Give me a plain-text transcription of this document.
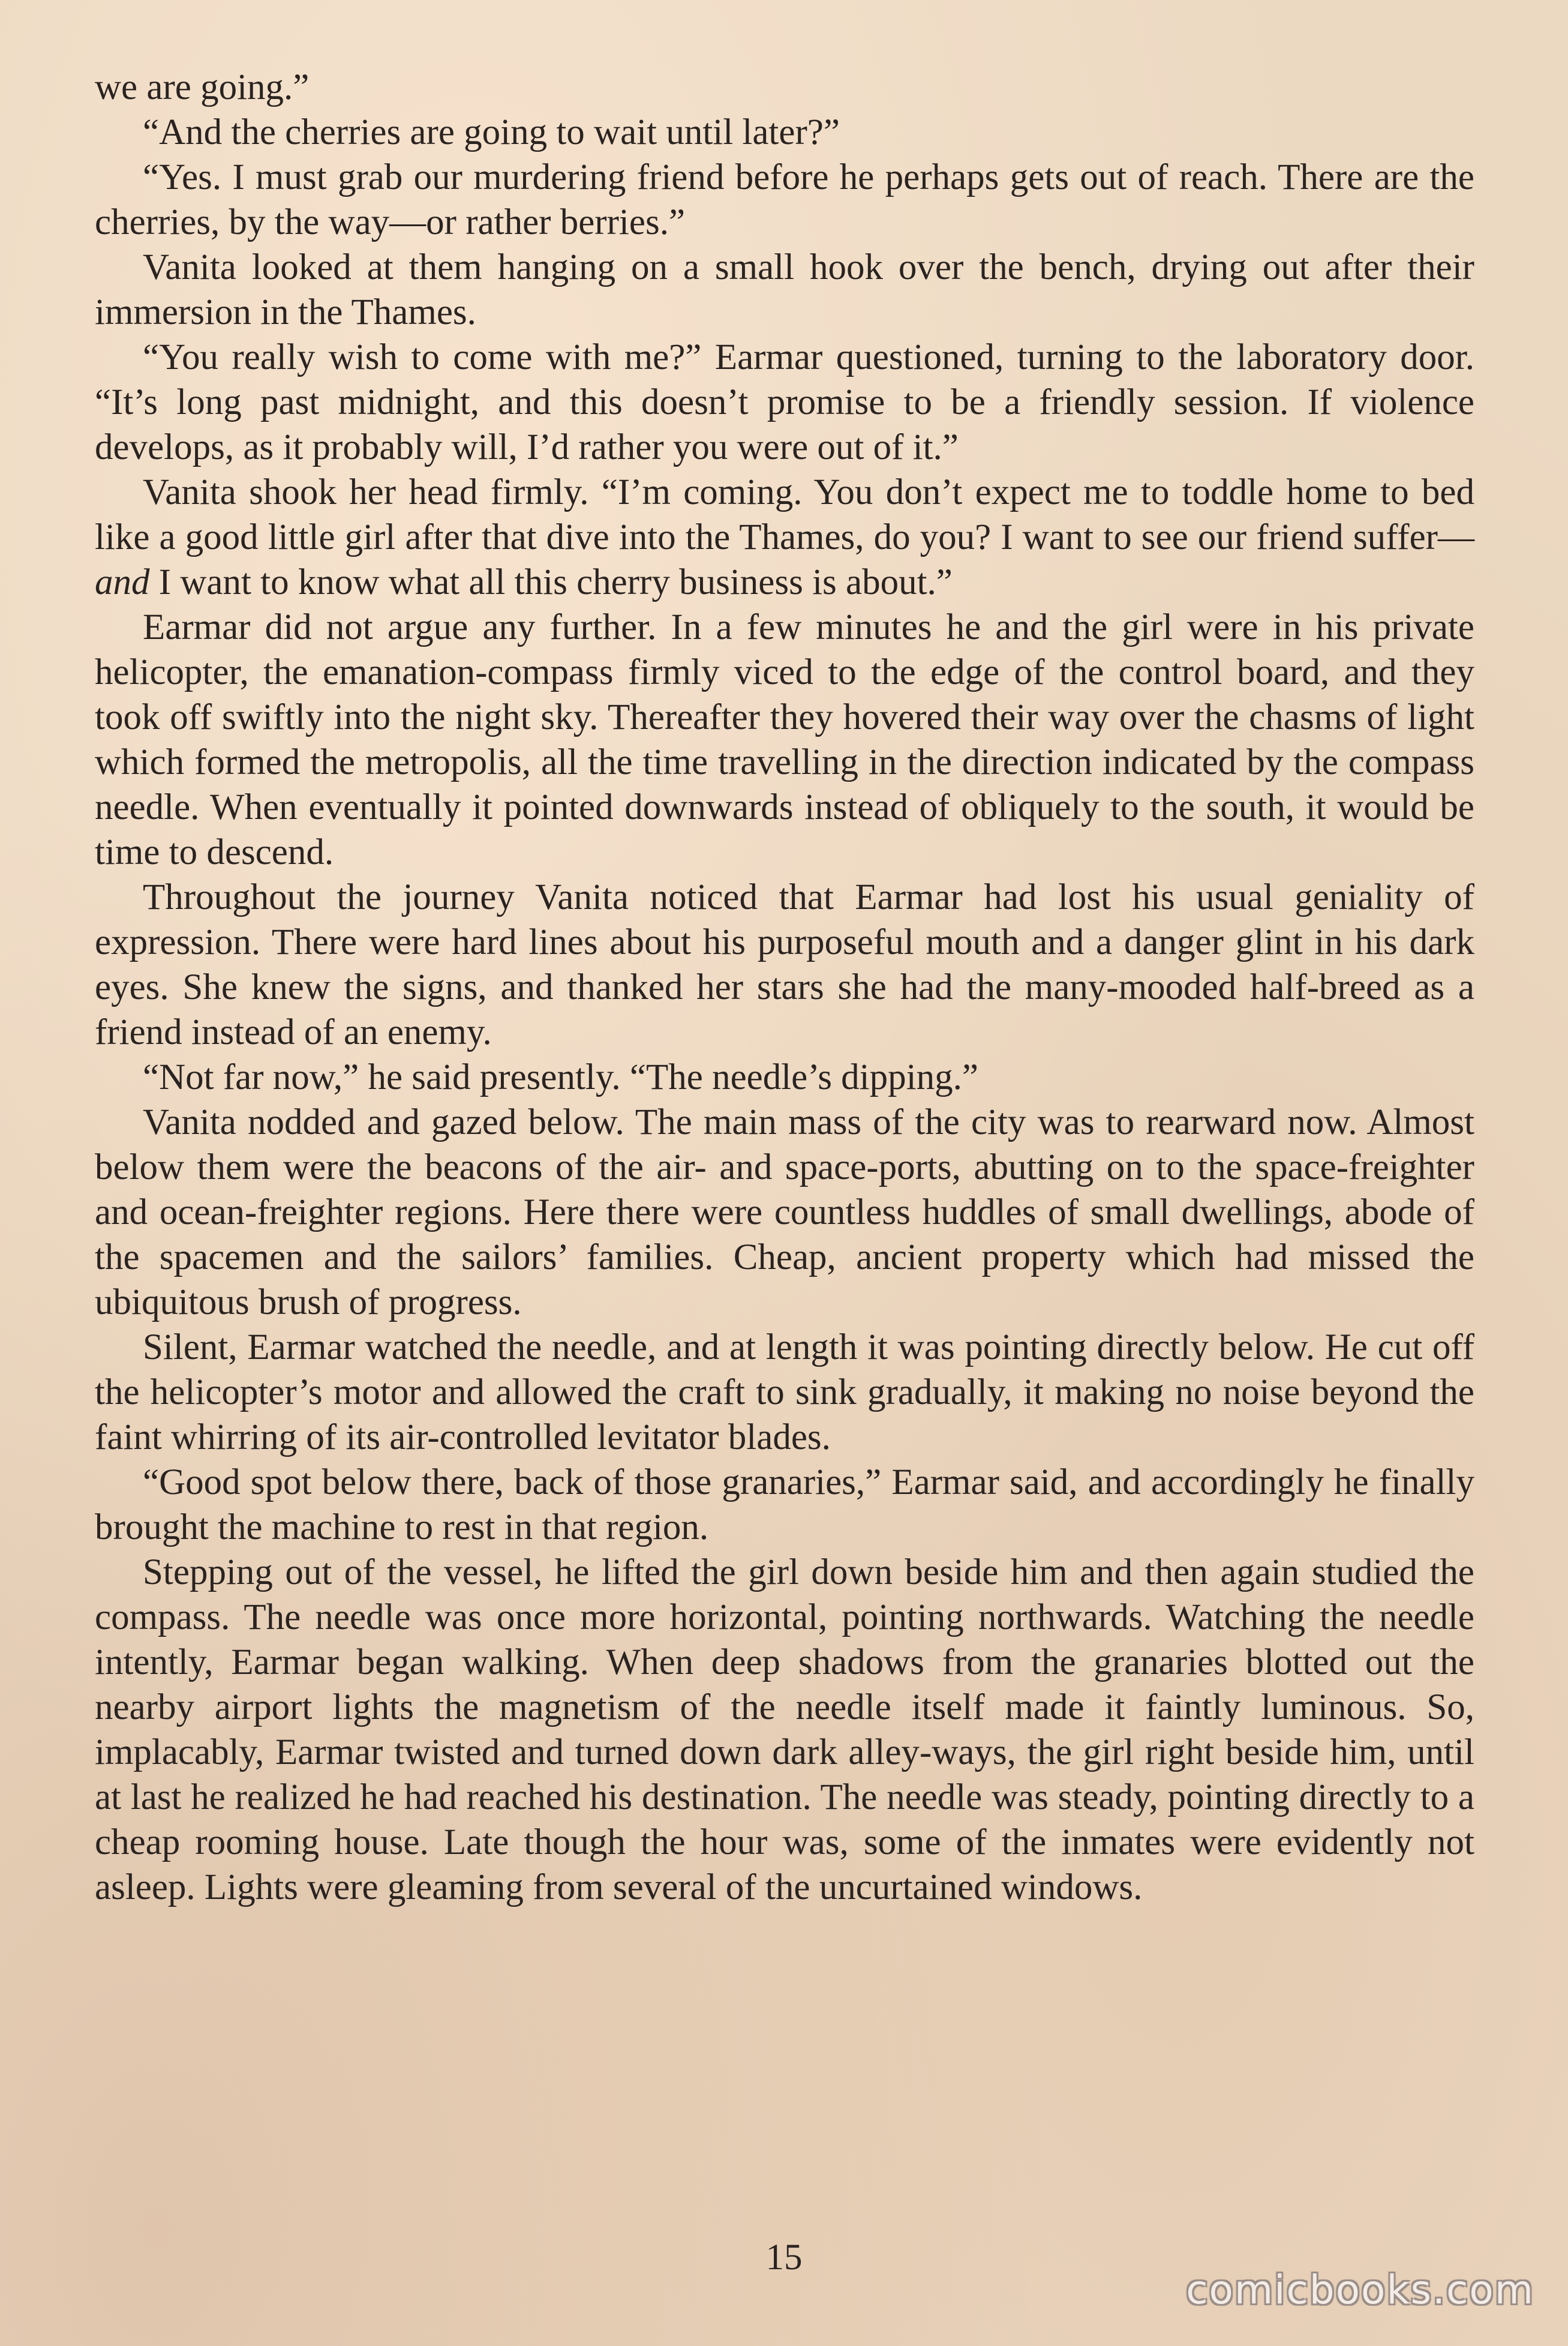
we are going.”

“And the cherries are going to wait until later?”

“Yes. I must grab our murdering friend before he perhaps gets out of reach. There are the cherries, by the way—or rather berries.”

Vanita looked at them hanging on a small hook over the bench, drying out after their immersion in the Thames.

“You really wish to come with me?” Earmar questioned, turning to the laboratory door. “It’s long past midnight, and this doesn’t promise to be a friendly session. If violence develops, as it probably will, I’d rather you were out of it.”

Vanita shook her head firmly. “I’m coming. You don’t expect me to toddle home to bed like a good little girl after that dive into the Thames, do you? I want to see our friend suffer—and I want to know what all this cherry business is about.”

Earmar did not argue any further. In a few minutes he and the girl were in his private helicopter, the emanation-compass firmly viced to the edge of the control board, and they took off swiftly into the night sky. Thereafter they hovered their way over the chasms of light which formed the metropolis, all the time travelling in the direction indicated by the compass needle. When eventually it pointed downwards instead of obliquely to the south, it would be time to descend.

Throughout the journey Vanita noticed that Earmar had lost his usual geniality of expression. There were hard lines about his purposeful mouth and a danger glint in his dark eyes. She knew the signs, and thanked her stars she had the many-mooded half-breed as a friend instead of an enemy.

“Not far now,” he said presently. “The needle’s dipping.”

Vanita nodded and gazed below. The main mass of the city was to rearward now. Almost below them were the beacons of the air- and space-ports, abutting on to the space-freighter and ocean-freighter regions. Here there were countless huddles of small dwellings, abode of the spacemen and the sailors’ families. Cheap, ancient property which had missed the ubiquitous brush of progress.

Silent, Earmar watched the needle, and at length it was pointing directly below. He cut off the helicopter’s motor and allowed the craft to sink gradually, it making no noise beyond the faint whirring of its air-controlled levitator blades.

“Good spot below there, back of those granaries,” Earmar said, and accordingly he finally brought the machine to rest in that region.

Stepping out of the vessel, he lifted the girl down beside him and then again studied the compass. The needle was once more horizontal, pointing northwards. Watching the needle intently, Earmar began walking. When deep shadows from the granaries blotted out the nearby airport lights the magnetism of the needle itself made it faintly luminous. So, implacably, Earmar twisted and turned down dark alley-ways, the girl right beside him, until at last he realized he had reached his destination. The needle was steady, pointing directly to a cheap rooming house. Late though the hour was, some of the inmates were evidently not asleep. Lights were gleaming from several of the uncurtained windows.

15
comicbooks.com
